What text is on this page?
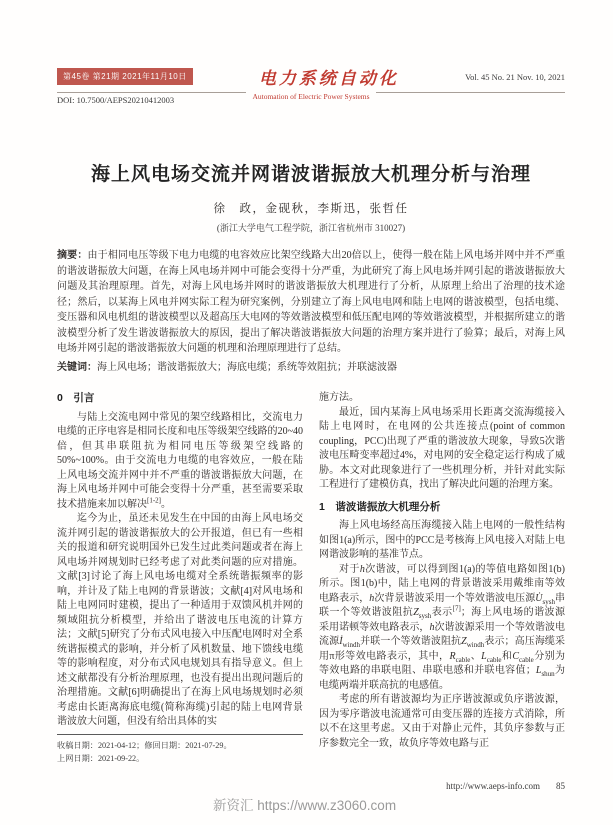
第45卷 第21期 2021年11月10日	电力系统自动化	Vol. 45 No. 21 Nov. 10, 2021
DOI: 10.7500/AEPS20210412003	Automation of Electric Power Systems
海上风电场交流并网谐波谐振放大机理分析与治理
徐　政，金砚秋，李斯迅，张哲任
(浙江大学电气工程学院，浙江省杭州市 310027)

摘要：由于相同电压等级下电力电缆的电容效应比架空线路大出20倍以上，使得一般在陆上风电场并网中并不严重的谐波谐振放大问题，在海上风电场并网中可能会变得十分严重，为此研究了海上风电场并网引起的谐波谐振放大问题及其治理原理。首先，对海上风电场并网时的谐波谐振放大机理进行了分析，从原理上给出了治理的技术途径；然后，以某海上风电并网实际工程为研究案例，分别建立了海上风电电网和陆上电网的谐波模型，包括电缆、变压器和风电机组的谐波模型以及超高压大电网的等效谐波模型和低压配电网的等效谐波模型，并根据所建立的谐波模型分析了发生谐波谐振放大的原因，提出了解决谐波谐振放大问题的治理方案并进行了验算；最后，对海上风电场并网引起的谐波谐振放大问题的机理和治理原理进行了总结。

关键词：海上风电场；谐波谐振放大；海底电缆；系统等效阻抗；并联滤波器

0　引言

与陆上交流电网中常见的架空线路相比，交流电力电缆的正序电容是相同长度和电压等级架空线路的20~40倍，但其串联阻抗为相同电压等级架空线路的50%~100%。由于交流电力电缆的电容效应，一般在陆上风电场交流并网中并不严重的谐波谐振放大问题，在海上风电场并网中可能会变得十分严重，甚至需要采取技术措施来加以解决[1-2]。

迄今为止，虽还未见发生在中国的由海上风电场交流并网引起的谐波谐振放大的公开报道，但已有一些相关的报道和研究说明国外已发生过此类问题或者在海上风电场并网规划时已经考虑了对此类问题的应对措施。文献[3]讨论了海上风电场电缆对全系统谐振频率的影响，并计及了陆上电网的背景谐波；文献[4]对风电场和陆上电网同时建模，提出了一种适用于双馈风机并网的频域阻抗分析模型，并给出了谐波电压电流的计算方法；文献[5]研究了分布式风电接入中压配电网时对全系统谐振模式的影响，并分析了风机数量、地下馈线电缆等的影响程度，对分布式风电规划具有指导意义。但上述文献都没有分析治理原理，也没有提出出现问题后的治理措施。文献[6]明确提出了在海上风电场规划时必须考虑由长距离海底电缆(简称海缆)引起的陆上电网背景谐波放大问题，但没有给出具体的实

施方法。

最近，国内某海上风电场采用长距离交流海缆接入陆上电网时，在电网的公共连接点(point of common coupling，PCC)出现了严重的谐波放大现象，导致5次谐波电压畸变率超过4%，对电网的安全稳定运行构成了威胁。本文对此现象进行了一些机理分析，并针对此实际工程进行了建模仿真，找出了解决此问题的治理方案。

1　谐波谐振放大机理分析

海上风电场经高压海缆接入陆上电网的一般性结构如图1(a)所示，图中的PCC是考核海上风电接入对陆上电网谐波影响的基准节点。

对于h次谐波，可以得到图1(a)的等值电路如图1(b)所示。图1(b)中，陆上电网的背景谐波采用戴维南等效电路表示，h次背景谐波采用一个等效谐波电压源$U̇_{sysh}$串联一个等效谐波阻抗$Z_{sysh}$表示[7]；海上风电场的谐波源采用诺顿等效电路表示，h次谐波源采用一个等效谐波电流源$İ_{windh}$并联一个等效谐波阻抗$Z_{windh}$表示；高压海缆采用π形等效电路表示，其中，$R_{cable}$、$L_{cable}$和$C_{cable}$分别为等效电路的串联电阻、串联电感和并联电容值；$L_{shun}$为电缆两端并联高抗的电感值。

考虑的所有谐波源均为正序谐波源或负序谐波源，因为零序谐波电流通常可由变压器的连接方式消除，所以不在这里考虑。又由于对静止元件，其负序参数与正序参数完全一致，故负序等效电路与正

收稿日期：2021-04-12；修回日期：2021-07-29。

上网日期：2021-09-22。

http://www.aeps-info.com 85
新资汇 https://www.z3060.com
